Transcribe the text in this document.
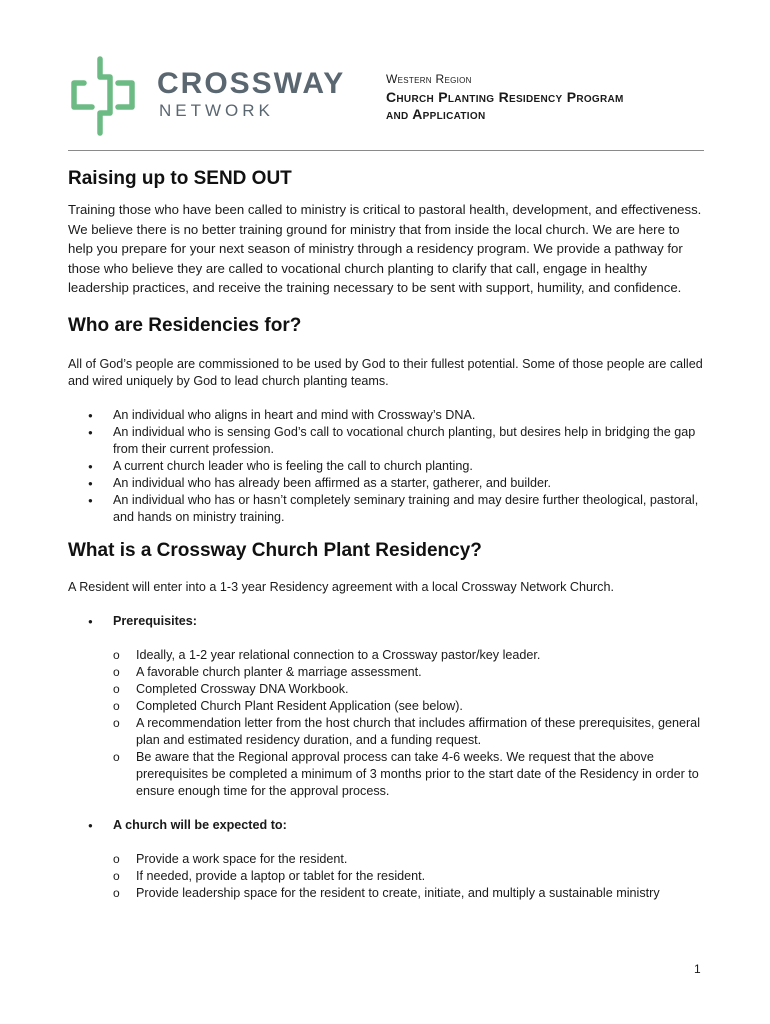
CROSSWAY
NETWORK
Western Region
Church Planting Residency Program
and Application
Raising up to SEND OUT

Training those who have been called to ministry is critical to pastoral health, development, and effectiveness. We believe there is no better training ground for ministry that from inside the local church. We are here to help you prepare for your next season of ministry through a residency program. We provide a pathway for those who believe they are called to vocational church planting to clarify that call, engage in healthy leadership practices, and receive the training necessary to be sent with support, humility, and confidence.

Who are Residencies for?

All of God’s people are commissioned to be used by God to their fullest potential. Some of those people are called and wired uniquely by God to lead church planting teams.

● An individual who aligns in heart and mind with Crossway’s DNA.
● An individual who is sensing God’s call to vocational church planting, but desires help in bridging the gap from their current profession.
● A current church leader who is feeling the call to church planting.
● An individual who has already been affirmed as a starter, gatherer, and builder.
● An individual who has or hasn’t completely seminary training and may desire further theological, pastoral, and hands on ministry training.
What is a Crossway Church Plant Residency?

A Resident will enter into a 1-3 year Residency agreement with a local Crossway Network Church.

● Prerequisites:
o Ideally, a 1-2 year relational connection to a Crossway pastor/key leader.
o A favorable church planter & marriage assessment.
o Completed Crossway DNA Workbook.
o Completed Church Plant Resident Application (see below).
o A recommendation letter from the host church that includes affirmation of these prerequisites, general plan and estimated residency duration, and a funding request.
o Be aware that the Regional approval process can take 4-6 weeks. We request that the above prerequisites be completed a minimum of 3 months prior to the start date of the Residency in order to ensure enough time for the approval process.
● A church will be expected to:
o Provide a work space for the resident.
o If needed, provide a laptop or tablet for the resident.
o Provide leadership space for the resident to create, initiate, and multiply a sustainable ministry
1
